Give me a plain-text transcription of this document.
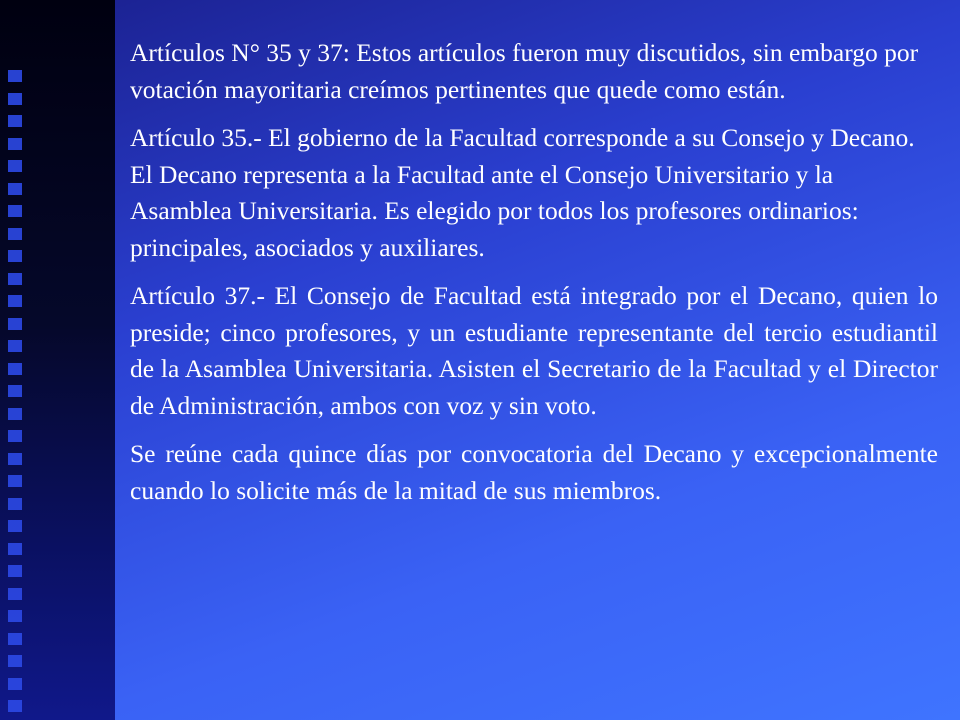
Artículos N° 35 y 37: Estos artículos fueron muy discutidos, sin embargo por votación mayoritaria creímos pertinentes que quede como están.

Artículo 35.- El gobierno de la Facultad corresponde a su Consejo y Decano. El Decano representa a la Facultad ante el Consejo Universitario y la Asamblea Universitaria. Es elegido por todos los profesores ordinarios: principales, asociados y auxiliares.

Artículo 37.- El Consejo de Facultad está integrado por el Decano, quien lo preside; cinco profesores, y un estudiante representante del tercio estudiantil de la Asamblea Universitaria. Asisten el Secretario de la Facultad y el Director de Administración, ambos con voz y sin voto.

Se reúne cada quince días por convocatoria del Decano y excepcionalmente cuando lo solicite más de la mitad de sus miembros.
